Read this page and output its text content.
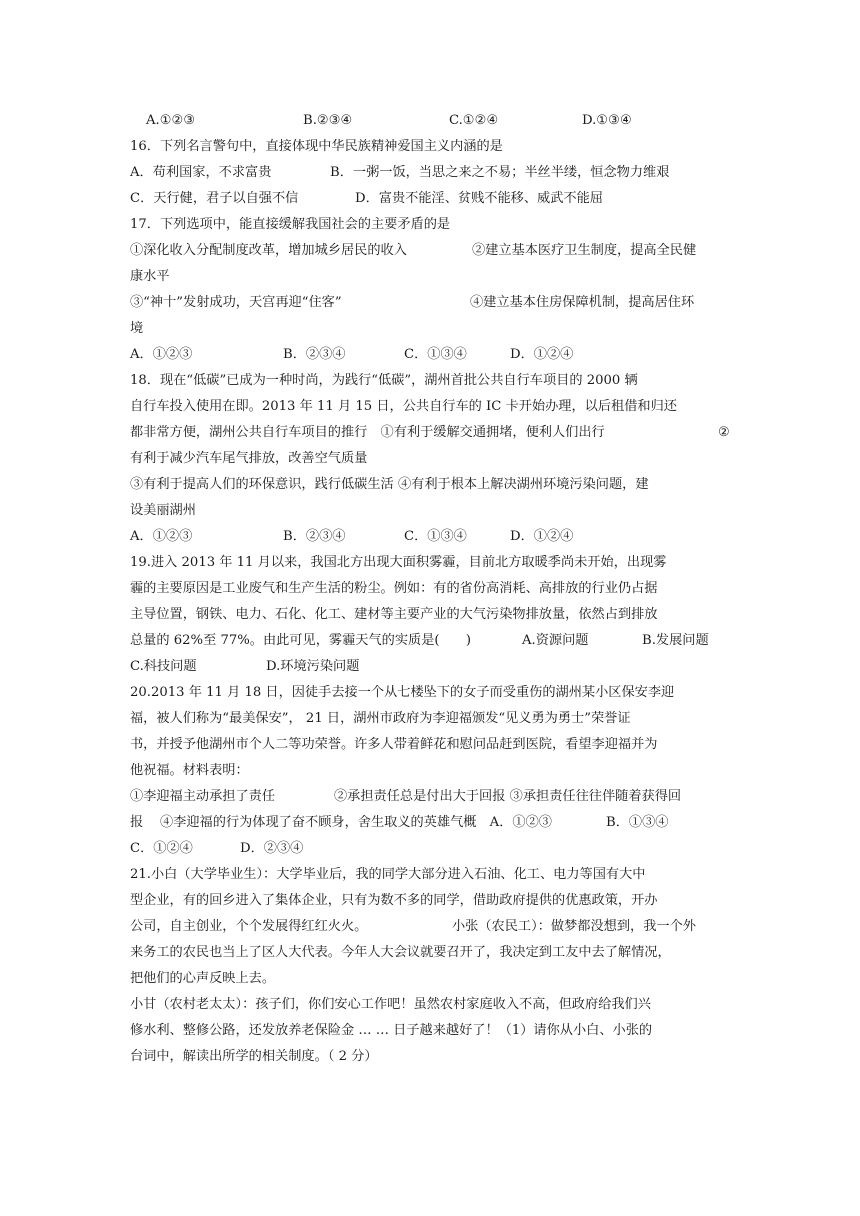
A.①②③	B.②③④	C.①②④	D.①③④
16．下列名言警句中，直接体现中华民族精神爱国主义内涵的是
A．苟利国家，不求富贵	B．一粥一饭，当思之来之不易；半丝半缕，恒念物力维艰
C．天行健，君子以自强不信	D．富贵不能淫、贫贱不能移、威武不能屈
17．下列选项中，能直接缓解我国社会的主要矛盾的是
①深化收入分配制度改革，增加城乡居民的收入	②建立基本医疗卫生制度，提高全民健
康水平
③“神十”发射成功，天宫再迎“住客”	④建立基本住房保障机制，提高居住环
境
A．①②③	B．②③④	C．①③④	D．①②④
18．现在“低碳”已成为一种时尚，为践行“低碳”，湖州首批公共自行车项目的 2000 辆
自行车投入使用在即。2013 年 11 月 15 日，公共自行车的 IC 卡开始办理，以后租借和归还
都非常方便，湖州公共自行车项目的推行　①有利于缓解交通拥堵，便利人们出行	②
有利于减少汽车尾气排放，改善空气质量
③有利于提高人们的环保意识，践行低碳生活 ④有利于根本上解决湖州环境污染问题，建
设美丽湖州
A．①②③	B．②③④	C．①③④	D．①②④
19.进入 2013 年 11 月以来，我国北方出现大面积雾霾，目前北方取暖季尚未开始，出现雾
霾的主要原因是工业废气和生产生活的粉尘。例如：有的省份高消耗、高排放的行业仍占据
主导位置，钢铁、电力、石化、化工、建材等主要产业的大气污染物排放量，依然占到排放
总量的 62%至 77%。由此可见，雾霾天气的实质是(　　)	A.资源问题	B.发展问题
C.科技问题	D.环境污染问题
20.2013 年 11 月 18 日，因徒手去接一个从七楼坠下的女子而受重伤的湖州某小区保安李迎
福，被人们称为“最美保安”， 21 日，湖州市政府为李迎福颁发“见义勇为勇士”荣誉证
书，并授予他湖州市个人二等功荣誉。许多人带着鲜花和慰问品赶到医院，看望李迎福并为
他祝福。材料表明：
①李迎福主动承担了责任	②承担责任总是付出大于回报 ③承担责任往往伴随着获得回
报 ④李迎福的行为体现了奋不顾身，舍生取义的英雄气概　A．①②③	B．①③④
C．①②④	D．②③④
21.小白（大学毕业生）：大学毕业后，我的同学大部分进入石油、化工、电力等国有大中
型企业，有的回乡进入了集体企业，只有为数不多的同学，借助政府提供的优惠政策，开办
公司，自主创业，个个发展得红红火火。	小张（农民工）：做梦都没想到，我一个外
来务工的农民也当上了区人大代表。今年人大会议就要召开了，我决定到工友中去了解情况，
把他们的心声反映上去。
小甘（农村老太太）：孩子们，你们安心工作吧！虽然农村家庭收入不高，但政府给我们兴
修水利、整修公路，还发放养老保险金 … … 日子越来越好了！（1）请你从小白、小张的
台词中，解读出所学的相关制度。（ 2 分）
